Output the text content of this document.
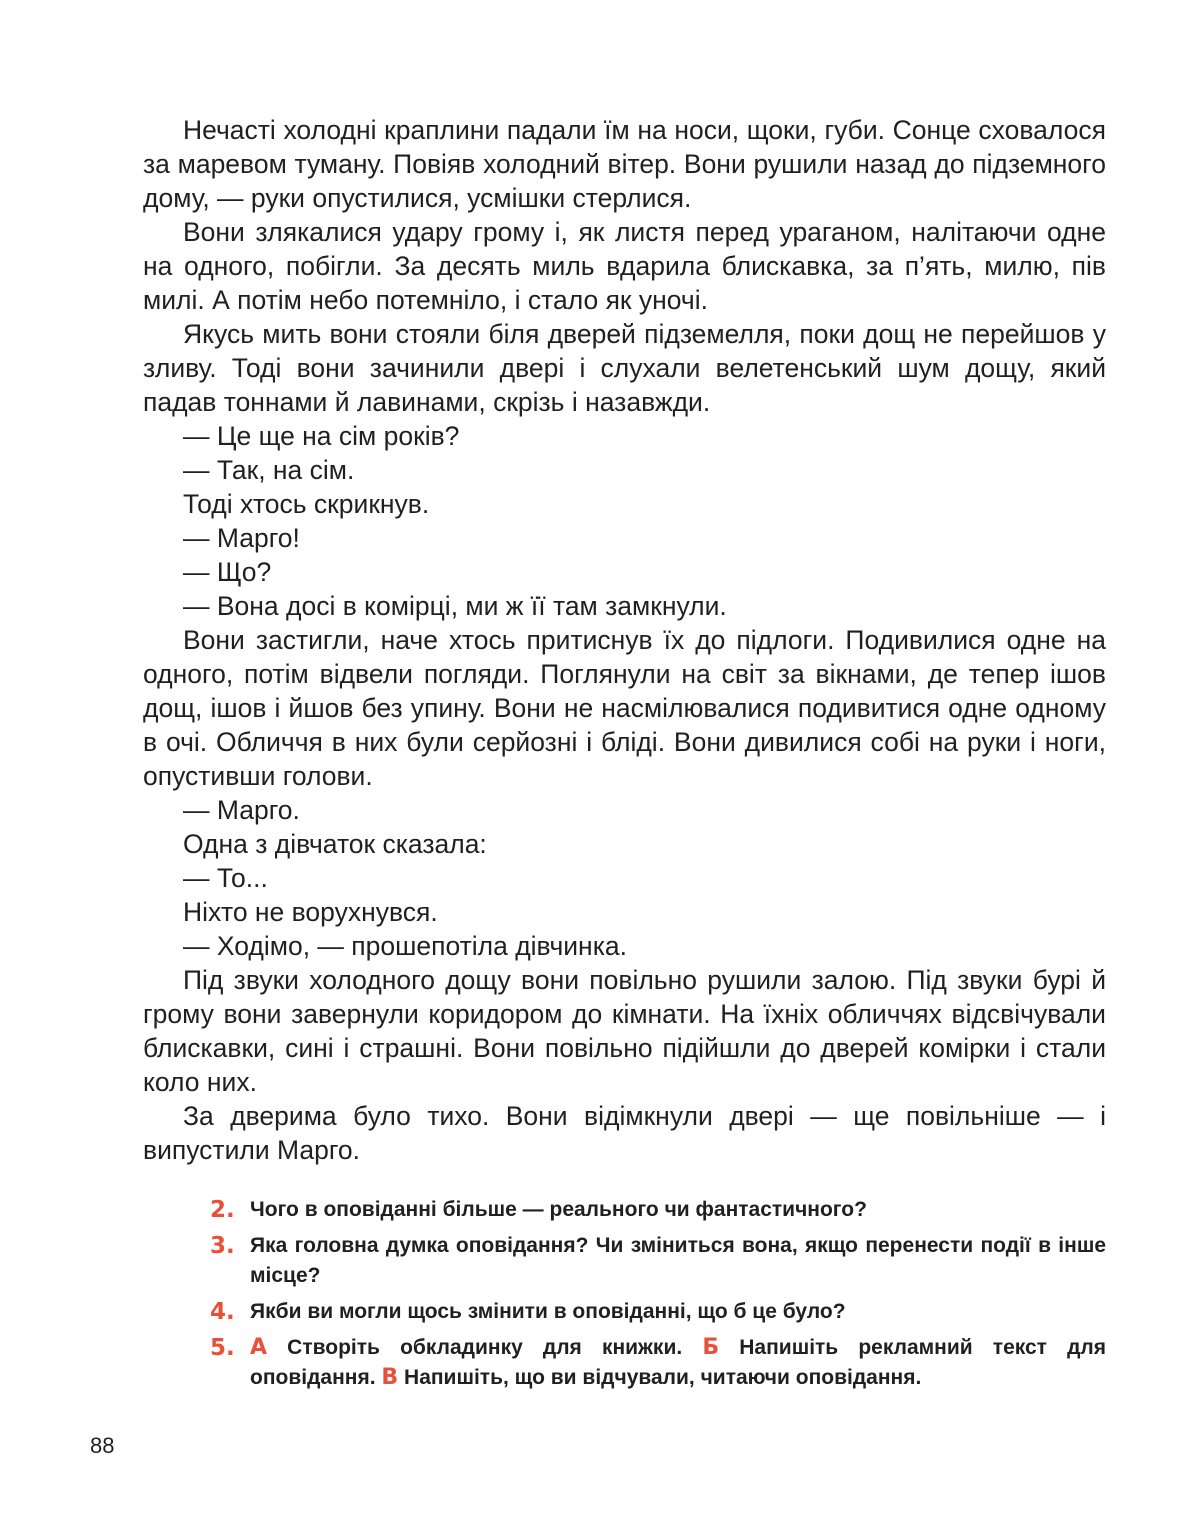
Нечасті холодні краплини падали їм на носи, щоки, губи. Сонце сховалося за маревом туману. Повіяв холодний вітер. Вони рушили назад до підземного дому, — руки опустилися, усмішки стерлися.

Вони злякалися удару грому і, як листя перед ураганом, налітаючи одне на одного, побігли. За десять миль вдарила блискавка, за п’ять, милю, пів милі. А потім небо потемніло, і стало як уночі.

Якусь мить вони стояли біля дверей підземелля, поки дощ не перейшов у зливу. Тоді вони зачинили двері і слухали велетенський шум дощу, який падав тоннами й лавинами, скрізь і назавжди.

— Це ще на сім років?

— Так, на сім.

Тоді хтось скрикнув.

— Марго!

— Що?

— Вона досі в комірці, ми ж її там замкнули.

Вони застигли, наче хтось притиснув їх до підлоги. Подивилися одне на одного, потім відвели погляди. Поглянули на світ за вікнами, де тепер ішов дощ, ішов і йшов без упину. Вони не насмілювалися подивитися одне одному в очі. Обличчя в них були серйозні і бліді. Вони дивилися собі на руки і ноги, опустивши голови.

— Марго.

Одна з дівчаток сказала:

— То...

Ніхто не ворухнувся.

— Ходімо, — прошепотіла дівчинка.

Під звуки холодного дощу вони повільно рушили залою. Під звуки бурі й грому вони завернули коридором до кімнати. На їхніх обличчях відсвічували блискавки, сині і страшні. Вони повільно підійшли до дверей комірки і стали коло них.

За дверима було тихо. Вони відімкнули двері — ще повільніше — і випустили Марго.

2. Чого в оповіданні більше — реального чи фантастичного?
3. Яка головна думка оповідання? Чи зміниться вона, якщо перенести події в інше місце?
4. Якби ви могли щось змінити в оповіданні, що б це було?
5. А Створіть обкладинку для книжки. Б Напишіть рекламний текст для оповідання. В Напишіть, що ви відчували, читаючи оповідання.
88
